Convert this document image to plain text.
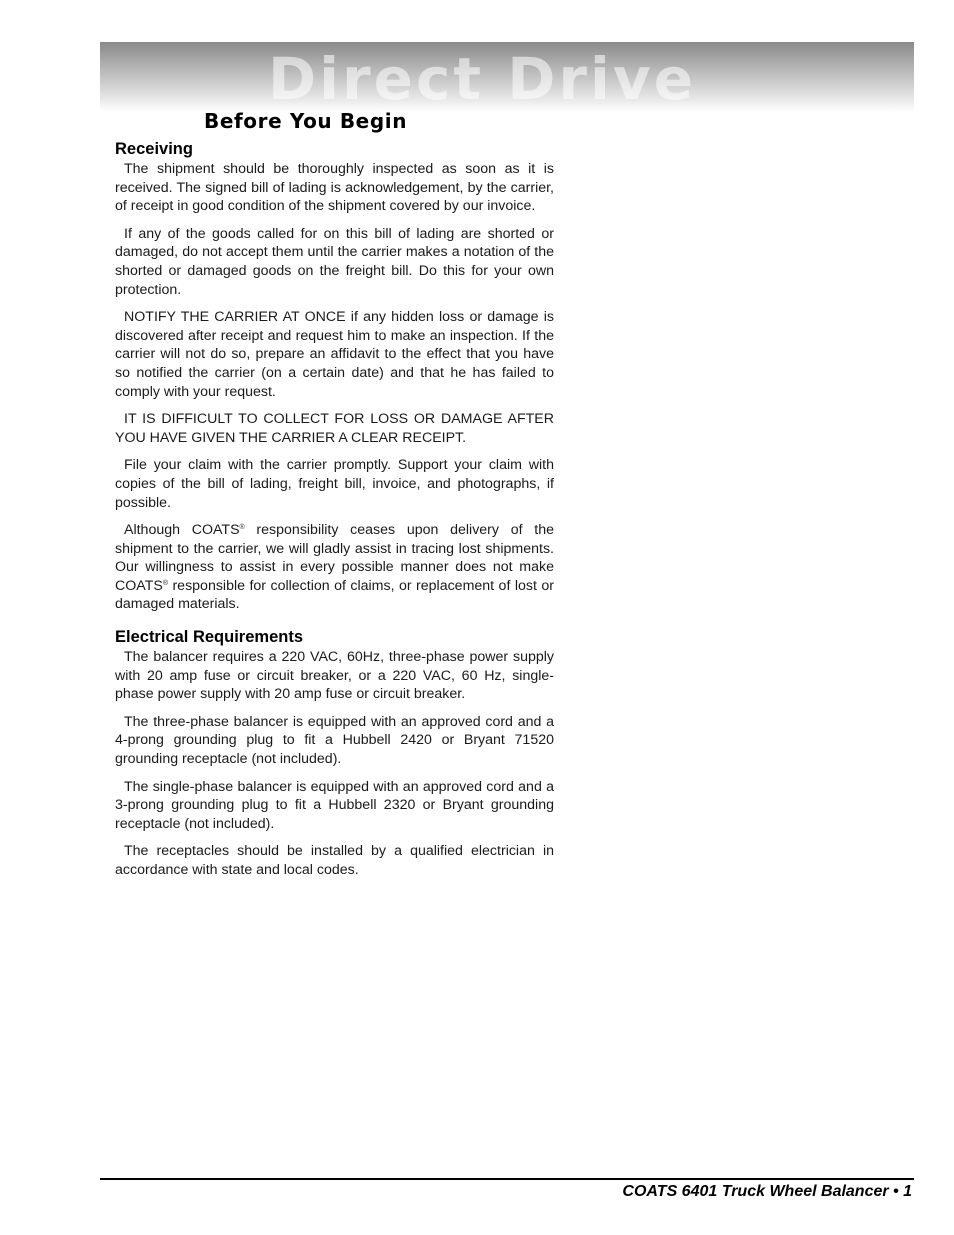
Direct Drive
Before You Begin
Receiving

The shipment should be thoroughly inspected as soon as it is received. The signed bill of lading is acknowledgement, by the carrier, of receipt in good condition of the shipment covered by our invoice.

If any of the goods called for on this bill of lading are shorted or damaged, do not accept them until the carrier makes a notation of the shorted or damaged goods on the freight bill. Do this for your own protection.

NOTIFY THE CARRIER AT ONCE if any hidden loss or damage is discovered after receipt and request him to make an inspection. If the carrier will not do so, prepare an affidavit to the effect that you have so notified the carrier (on a certain date) and that he has failed to comply with your request.

IT IS DIFFICULT TO COLLECT FOR LOSS OR DAMAGE AFTER YOU HAVE GIVEN THE CARRIER A CLEAR RECEIPT.

File your claim with the carrier promptly. Support your claim with copies of the bill of lading, freight bill, invoice, and photographs, if possible.

Although COATS® responsibility ceases upon delivery of the shipment to the carrier, we will gladly assist in tracing lost shipments. Our willingness to assist in every possible manner does not make COATS® responsible for collection of claims, or replacement of lost or damaged materials.

Electrical Requirements

The balancer requires a 220 VAC, 60Hz, three-phase power supply with 20 amp fuse or circuit breaker, or a 220 VAC, 60 Hz, single-phase power supply with 20 amp fuse or circuit breaker.

The three-phase balancer is equipped with an approved cord and a 4-prong grounding plug to fit a Hubbell 2420 or Bryant 71520 grounding receptacle (not included).

The single-phase balancer is equipped with an approved cord and a 3-prong grounding plug to fit a Hubbell 2320 or Bryant grounding receptacle (not included).

The receptacles should be installed by a qualified electrician in accordance with state and local codes.

COATS 6401 Truck Wheel Balancer • 1
